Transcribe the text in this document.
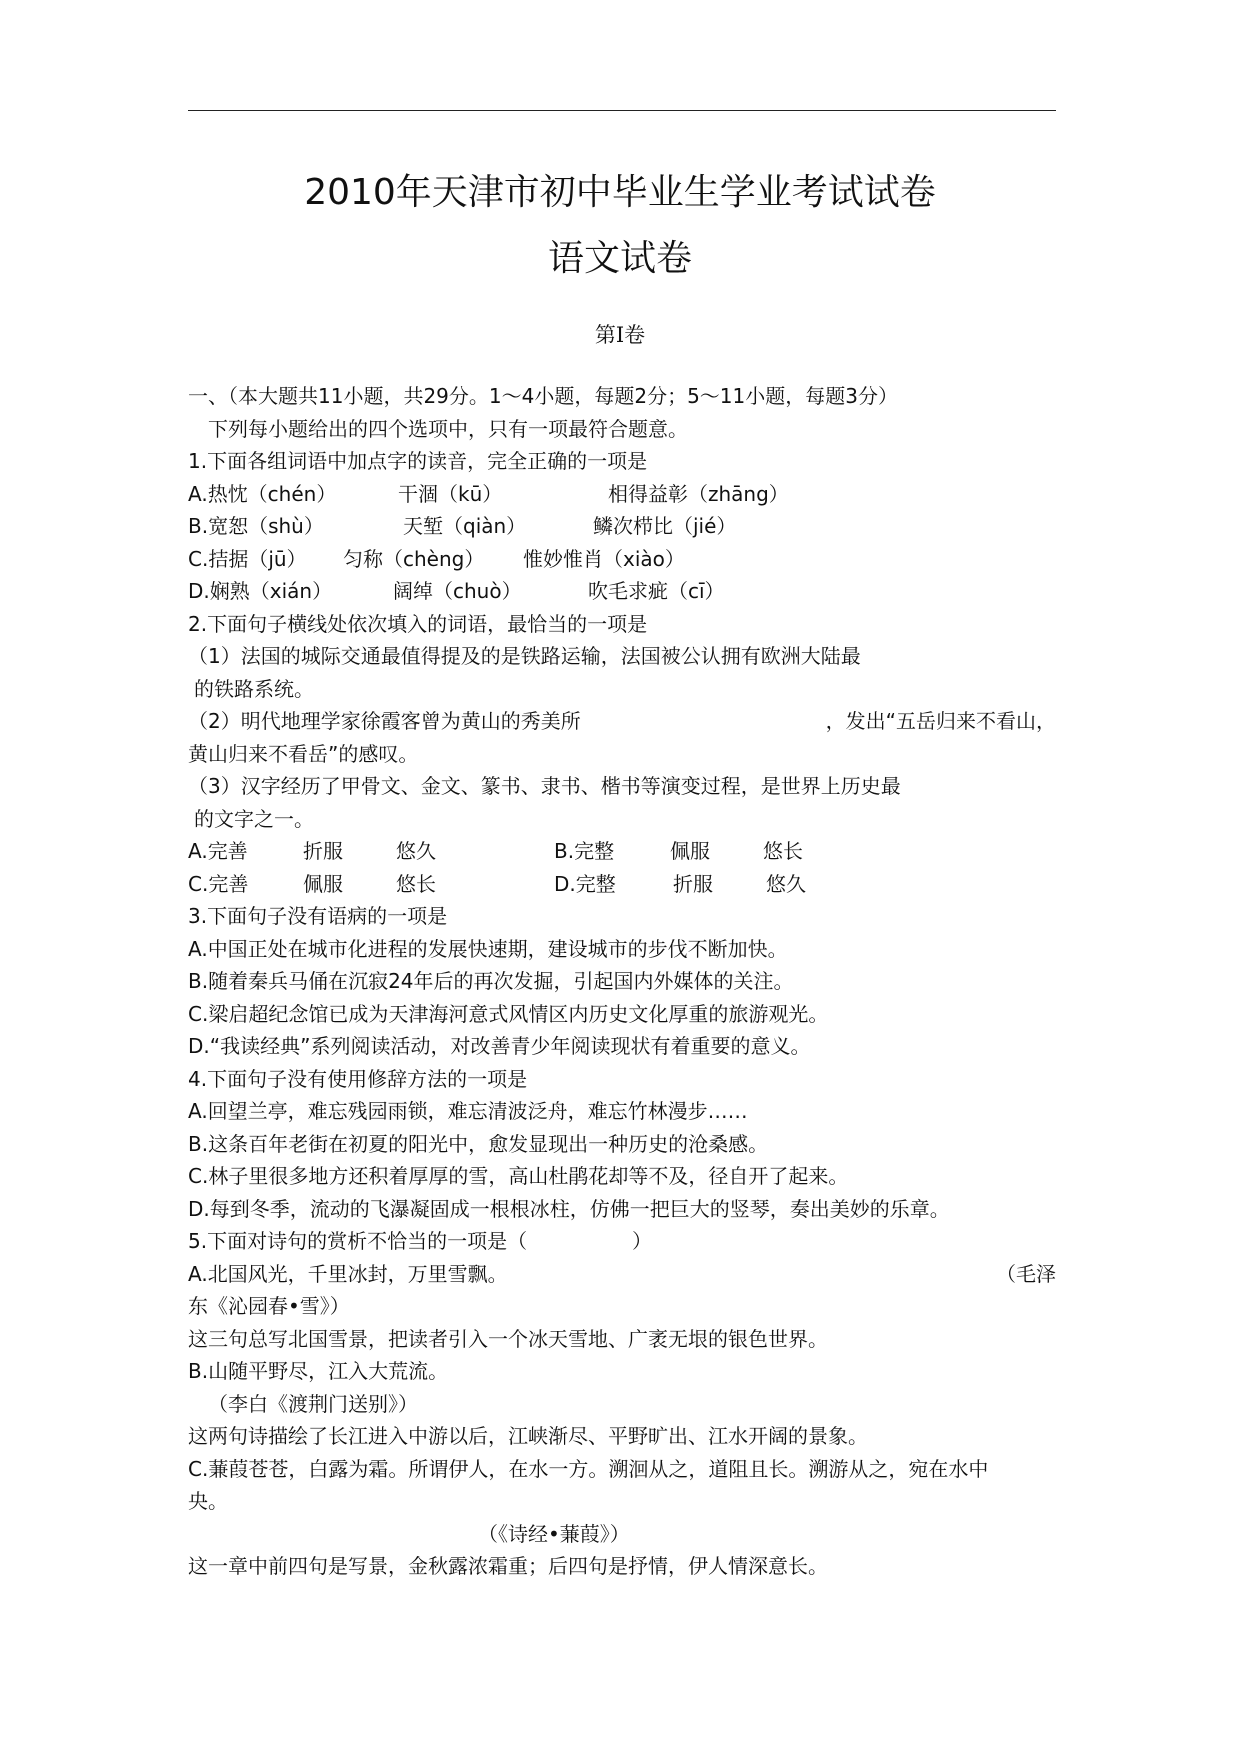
2010年天津市初中毕业生学业考试试卷
语文试卷
第Ⅰ卷
一、（本大题共11小题，共29分。1～4小题，每题2分；5～11小题，每题3分）
下列每小题给出的四个选项中，只有一项最符合题意。
1.下面各组词语中加点字的读音，完全正确的一项是
A.热忱（chén）	干涸（kū）	相得益彰（zhāng）
B.宽恕（shù）	天堑（qiàn）	鳞次栉比（jié）
C.拮据（jū） 匀称（chèng） 惟妙惟肖（xiào）
D.娴熟（xián）	阔绰（chuò）	吹毛求疵（cī）
2.下面句子横线处依次填入的词语，最恰当的一项是
（1）法国的城际交通最值得提及的是铁路运输，法国被公认拥有欧洲大陆最
的铁路系统。
（2）明代地理学家徐霞客曾为黄山的秀美所	，发出“五岳归来不看山，
黄山归来不看岳”的感叹。
（3）汉字经历了甲骨文、金文、篆书、隶书、楷书等演变过程，是世界上历史最
的文字之一。
A.完善	折服	悠久	B.完整	佩服	悠长
C.完善	佩服	悠长	D.完整	折服	悠久
3.下面句子没有语病的一项是
A.中国正处在城市化进程的发展快速期，建设城市的步伐不断加快。
B.随着秦兵马俑在沉寂24年后的再次发掘，引起国内外媒体的关注。
C.梁启超纪念馆已成为天津海河意式风情区内历史文化厚重的旅游观光。
D.“我读经典”系列阅读活动，对改善青少年阅读现状有着重要的意义。
4.下面句子没有使用修辞方法的一项是
A.回望兰亭，难忘残园雨锁，难忘清波泛舟，难忘竹林漫步……
B.这条百年老街在初夏的阳光中，愈发显现出一种历史的沧桑感。
C.林子里很多地方还积着厚厚的雪，高山杜鹃花却等不及，径自开了起来。
D.每到冬季，流动的飞瀑凝固成一根根冰柱，仿佛一把巨大的竖琴，奏出美妙的乐章。
5.下面对诗句的赏析不恰当的一项是（	）
A.北国风光，千里冰封，万里雪飘。	（毛泽
东《沁园春•雪》）
这三句总写北国雪景，把读者引入一个冰天雪地、广袤无垠的银色世界。
B.山随平野尽，江入大荒流。
（李白《渡荆门送别》）
这两句诗描绘了长江进入中游以后，江峡渐尽、平野旷出、江水开阔的景象。
C.蒹葭苍苍，白露为霜。所谓伊人，在水一方。溯洄从之，道阻且长。溯游从之，宛在水中
央。
（《诗经•蒹葭》）
这一章中前四句是写景，金秋露浓霜重；后四句是抒情，伊人情深意长。
